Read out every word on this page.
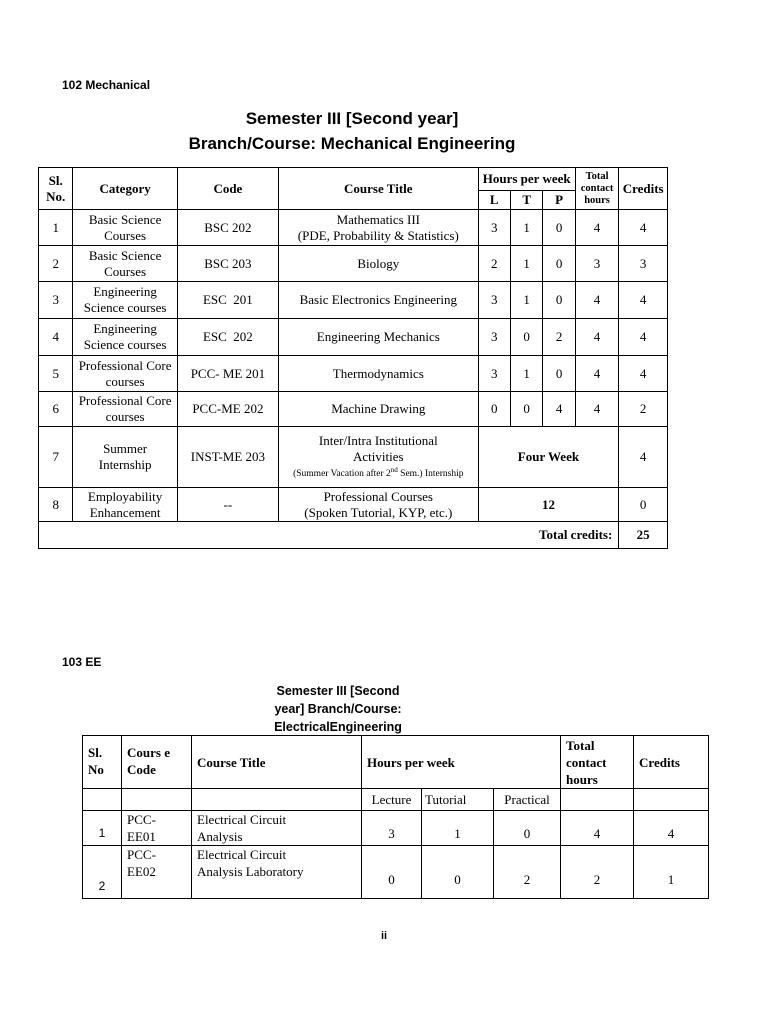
102 Mechanical
Semester III [Second year]
Branch/Course: Mechanical Engineering
Sl. No.	Category	Code	Course Title	Hours per week			Total contact hours	Credits
				L	T	P		
1	Basic Science Courses	BSC 202	Mathematics III
(PDE, Probability & Statistics)	3	1	0	4	4
2	Basic Science Courses	BSC 203	Biology	2	1	0	3	3
3	Engineering Science courses	ESC  201	Basic Electronics Engineering	3	1	0	4	4
4	Engineering Science courses	ESC  202	Engineering Mechanics	3	0	2	4	4
5	Professional Core courses	PCC- ME 201	Thermodynamics	3	1	0	4	4
6	Professional Core courses	PCC-ME 202	Machine Drawing	0	0	4	4	2
7	Summer Internship	INST-ME 203	Inter/Intra Institutional Activities
(Summer Vacation after 2nd Sem.) Internship	Four Week				4
8	Employability Enhancement	--	Professional Courses
(Spoken Tutorial, KYP, etc.)	12				0
Total credits:								25
103 EE
Semester III [Second
year] Branch/Course:
ElectricalEngineering
Sl. No	Cours e Code	Course Title	Hours per week			Total contact hours	Credits
			Lecture	Tutorial	Practical		
1	PCC- EE01	Electrical Circuit Analysis	3	1	0	4	4
2	PCC- EE02	Electrical Circuit Analysis Laboratory	0	0	2	2	1
ii
